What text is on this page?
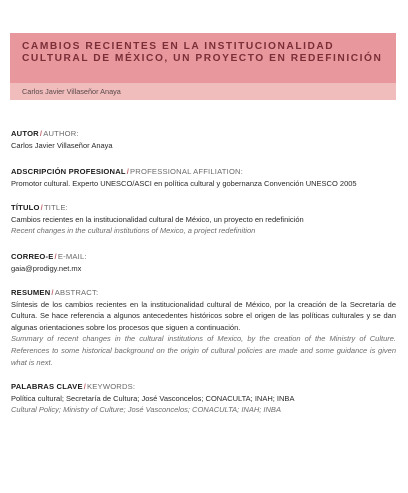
CAMBIOS RECIENTES EN LA INSTITUCIONALIDAD CULTURAL DE MÉXICO, UN PROYECTO EN REDEFINICIÓN
Carlos Javier Villaseñor Anaya
AUTOR/AUTHOR:
Carlos Javier Villaseñor Anaya
ADSCRIPCIÓN PROFESIONAL/PROFESSIONAL AFFILIATION:
Promotor cultural. Experto UNESCO/ASCI en política cultural y gobernanza Convención UNESCO 2005
TÍTULO/TITLE:
Cambios recientes en la institucionalidad cultural de México, un proyecto en redefinición
Recent changes in the cultural institutions of Mexico, a project redefinition
CORREO-E/E-MAIL:
gaia@prodigy.net.mx
RESUMEN/ABSTRACT:
Síntesis de los cambios recientes en la institucionalidad cultural de México, por la creación de la Secretaría de Cultura. Se hace referencia a algunos antecedentes históricos sobre el origen de las políticas culturales y se dan algunas orientaciones sobre los procesos que siguen a continuación.
Summary of recent changes in the cultural institutions of Mexico, by the creation of the Ministry of Culture. References to some historical background on the origin of cultural policies are made and some guidance is given what is next.
PALABRAS CLAVE/KEYWORDS:
Política cultural; Secretaría de Cultura; José Vasconcelos; CONACULTA; INAH; INBA
Cultural Policy; Ministry of Culture; José Vasconcelos; CONACULTA; INAH; INBA
